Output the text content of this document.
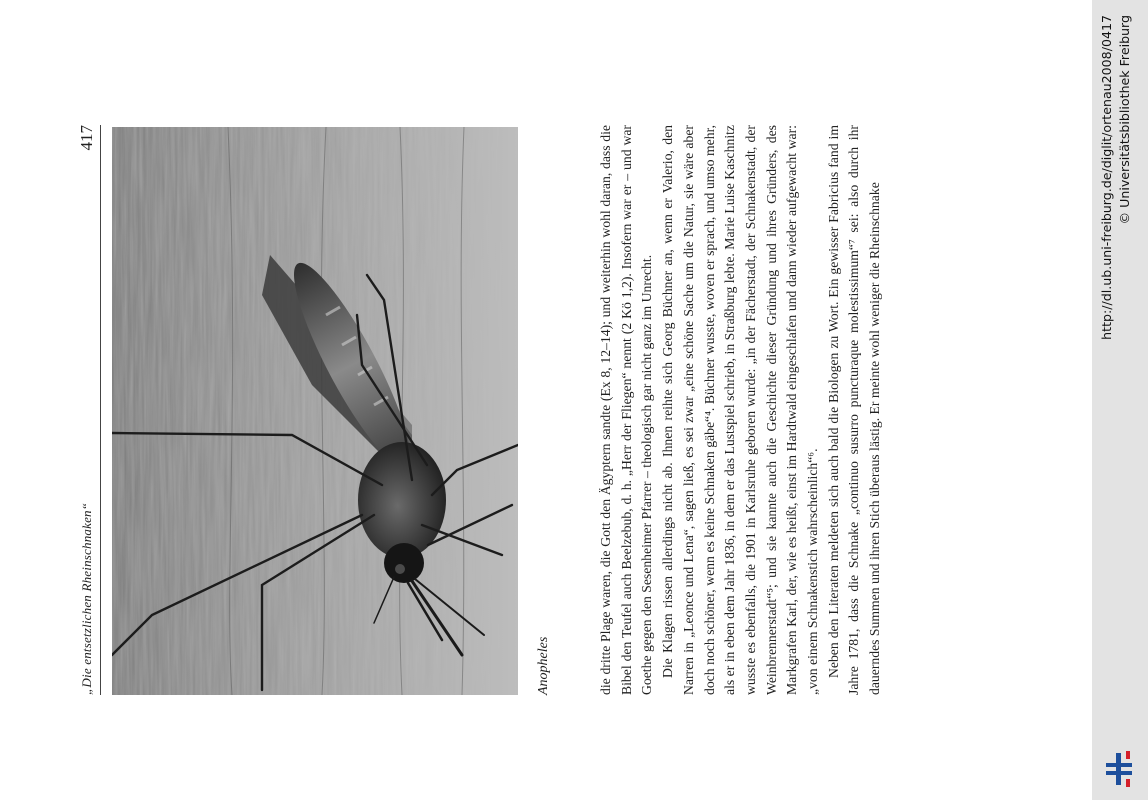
„Die entsetzlichen Rheinschnaken“
417
Anopheles	die dritte Plage waren, die Gott den Ägyptern sandte (Ex 8, 12–14); und weiterhin wohl daran, dass die Bibel den Teufel auch Beelzebub, d. h. „Herr der Fliegen“ nennt (2 Kö 1,2). Insofern war er – und war Goethe gegen den Sesenheimer Pfarrer – theologisch gar nicht ganz im Unrecht. Die Klagen rissen allerdings nicht ab. Ihnen reihte sich Georg Büchner an, wenn er Valerio, den Narren in „Leonce und Lena“, sagen ließ, es sei zwar „eine schöne Sache um die Natur, sie wäre aber doch noch schöner, wenn es keine Schnaken gäbe“⁴. Büchner wusste, woven er sprach, und umso mehr, als er in eben dem Jahr 1836, in dem er das Lustspiel schrieb, in Straßburg lebte. Marie Luise Kaschnitz wusste es ebenfalls, die 1901 in Karlsruhe geboren wurde: „in der Fächerstadt, der Schnakenstadt, der Weinbrennerstadt“⁵; und sie kannte auch die Geschichte dieser Gründung und ihres Gründers, des Markgrafen Karl, der, wie es heißt, einst im Hardtwald eingeschlafen und dann wieder aufgewacht war: „von einem Schnakenstich wahrscheinlich“⁶. Neben den Literaten meldeten sich auch bald die Biologen zu Wort. Ein gewisser Fabricius fand im Jahre 1781, dass die Schnake „continuo susurro puncturaque molestissimum“⁷ sei: also durch ihr dauerndes Summen und ihren Stich überaus lästig. Er meinte wohl weniger die Rheinschnake

http://dl.ub.uni-freiburg.de/diglit/ortenau2008/0417 © Universitätsbibliothek Freiburg
